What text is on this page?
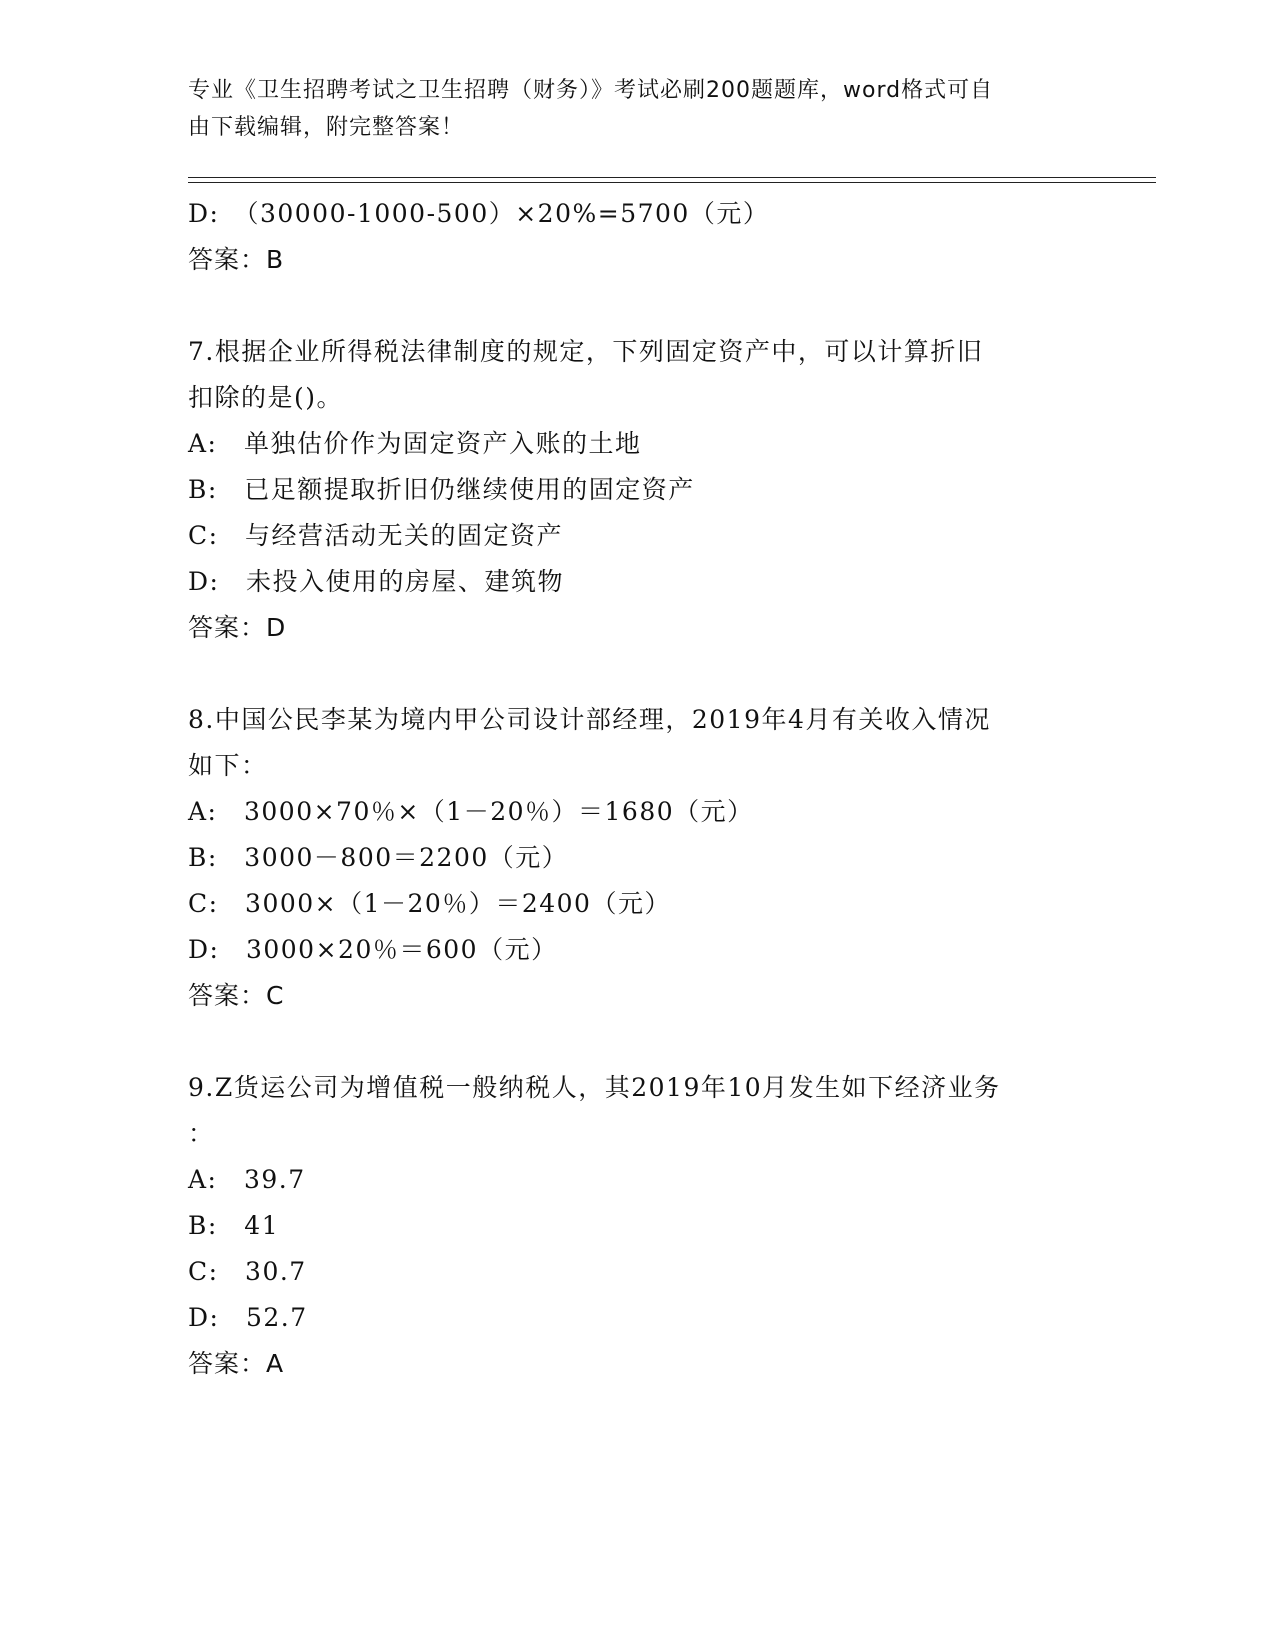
专业《卫生招聘考试之卫生招聘（财务）》考试必刷200题题库，word格式可自
由下载编辑，附完整答案！
D:　（30000-1000-500）×20%=5700（元）
答案：B
7.根据企业所得税法律制度的规定，下列固定资产中，可以计算折旧
扣除的是()。
A:　单独估价作为固定资产入账的土地
B:　已足额提取折旧仍继续使用的固定资产
C:　与经营活动无关的固定资产
D:　未投入使用的房屋、建筑物
答案：D
8.中国公民李某为境内甲公司设计部经理，2019年4月有关收入情况
如下：
A:　3000×70％×（1－20％）＝1680（元）
B:　3000－800＝2200（元）
C:　3000×（1－20％）＝2400（元）
D:　3000×20％＝600（元）
答案：C
9.Z货运公司为增值税一般纳税人，其2019年10月发生如下经济业务
：
A:　39.7
B:　41
C:　30.7
D:　52.7
答案：A
